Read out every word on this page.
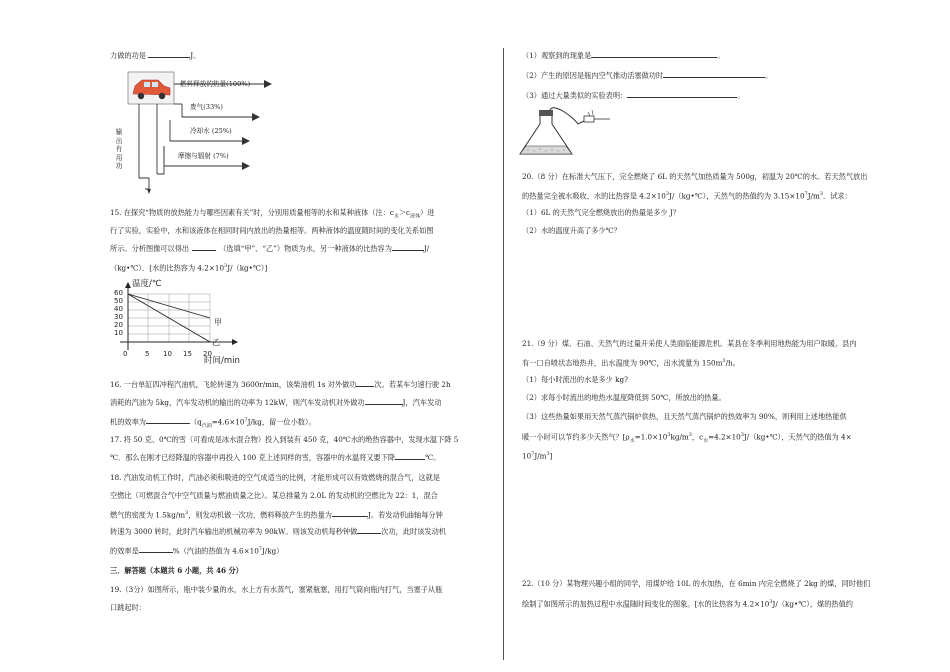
力做的功是	J。
燃料释放的热量(100%)
废气(33%)
冷却水 (25%)
摩擦与辐射 (7%)
输
出
有
用
功
15. 在探究“物质的放热能力与哪些因素有关”时，分别用质量相等的水和某种液体（注：$c_水>c_{液体}$）进
行了实验，实验中，水和该液体在相同时间内放出的热量相等。两种液体的温度随时间的变化关系如图
所示。分析图像可以得出	（选填“甲”、“乙”）物质为水，另一种液体的比热容为	J/
（kg•℃）．[水的比热容为 $4.2\times 10^3J/(kg•℃)$]
温度/℃
时间/min
甲
乙
60
50
40
30
20
10
0	5 10 15 20
16. 一台单缸四冲程汽油机，飞轮转速为 3600r/min，该柴油机 1s 对外做功	次。若某车匀速行驶 2h
消耗的汽油为 5kg，汽车发动机的输出的功率为 12kW，则汽车发动机对外做功	J，汽车发动
机的效率为	（$q_{汽油}=4.6\times 10^7J/kg$，留一位小数）。
17. 将 50 克、0℃的雪（可看成是冰水混合物）投入到装有 450 克，40℃水的绝热容器中，发现水温下降 5
℃．那么在刚才已经降温的容器中再投入 100 克上述同样的雪，容器中的水温将又要下降	℃。
18. 汽油发动机工作时，汽油必须和吸进的空气成适当的比例，才能形成可以有效燃烧的混合气，这就是
空燃比（可燃混合气中空气质量与燃油质量之比）。某总排量为 2.0L 的发动机的空燃比为 22：1，混合
燃气的密度为 $1.5kg/m^3$，则发动机做一次功，燃料释放产生的热量为	J。若发动机曲轴每分钟
转速为 3000 转时，此时汽车输出的机械功率为 90kW。则该发动机每秒钟做	次功，此时该发动机
的效率是	%（汽油的热值为 $4.6\times 10^7J/kg$）
三．解答题（本题共 6 小题，共 46 分）
19.（3分）如图所示，瓶中装少量的水，水上方有水蒸气，塞紧瓶塞，用打气筒向瓶内打气，当塞子从瓶
口跳起时：
（1）观察到的现象是	。
（2）产生的原因是瓶内空气推动活塞做功时	。
（3）通过大量类似的实验表明：	。
20.（8 分）在标准大气压下，完全燃烧了 6L 的天然气加热质量为 500g，初温为 20℃的水。若天然气放出
的热量完全被水吸收，水的比热容是 $4.2\times 10^3J/(kg•℃)$，天然气的热值约为 $3.15\times 10^7J/m^3$．试求：
（1）6L 的天然气完全燃烧放出的热量是多少 J？
（2）水的温度升高了多少℃？
21.（9 分）煤、石油、天然气的过量开采使人类面临能源危机。某县在冬季利用地热能为用户取暖。县内
有一口自喷状态地热井，出水温度为 90℃，出水流量为 $150m^3/h$。
（1）每小时流出的水是多少 kg?
（2）求每小时流出的地热水温度降低到 50℃，所放出的热量。
（3）这些热量如果用天然气蒸汽锅炉供热，且天然气蒸汽锅炉的热效率为 90%，则利用上述地热能供
暖一小时可以节约多少天然气？[$\rho_水=1.0\times 10^3kg/m^3$，$c_水=4.2\times 10^3J/(kg•℃)$，天然气的热值为 4×
$10^7J/m^3$]
22.（10 分）某物理兴趣小组的同学，用煤炉给 10L 的水加热，在 6min 内完全燃烧了 2kg 的煤，同时他们
绘制了如图所示的加热过程中水温随时间变化的图象。[水的比热容为 $4.2\times 10^3J/(kg•℃)$，煤的热值约
